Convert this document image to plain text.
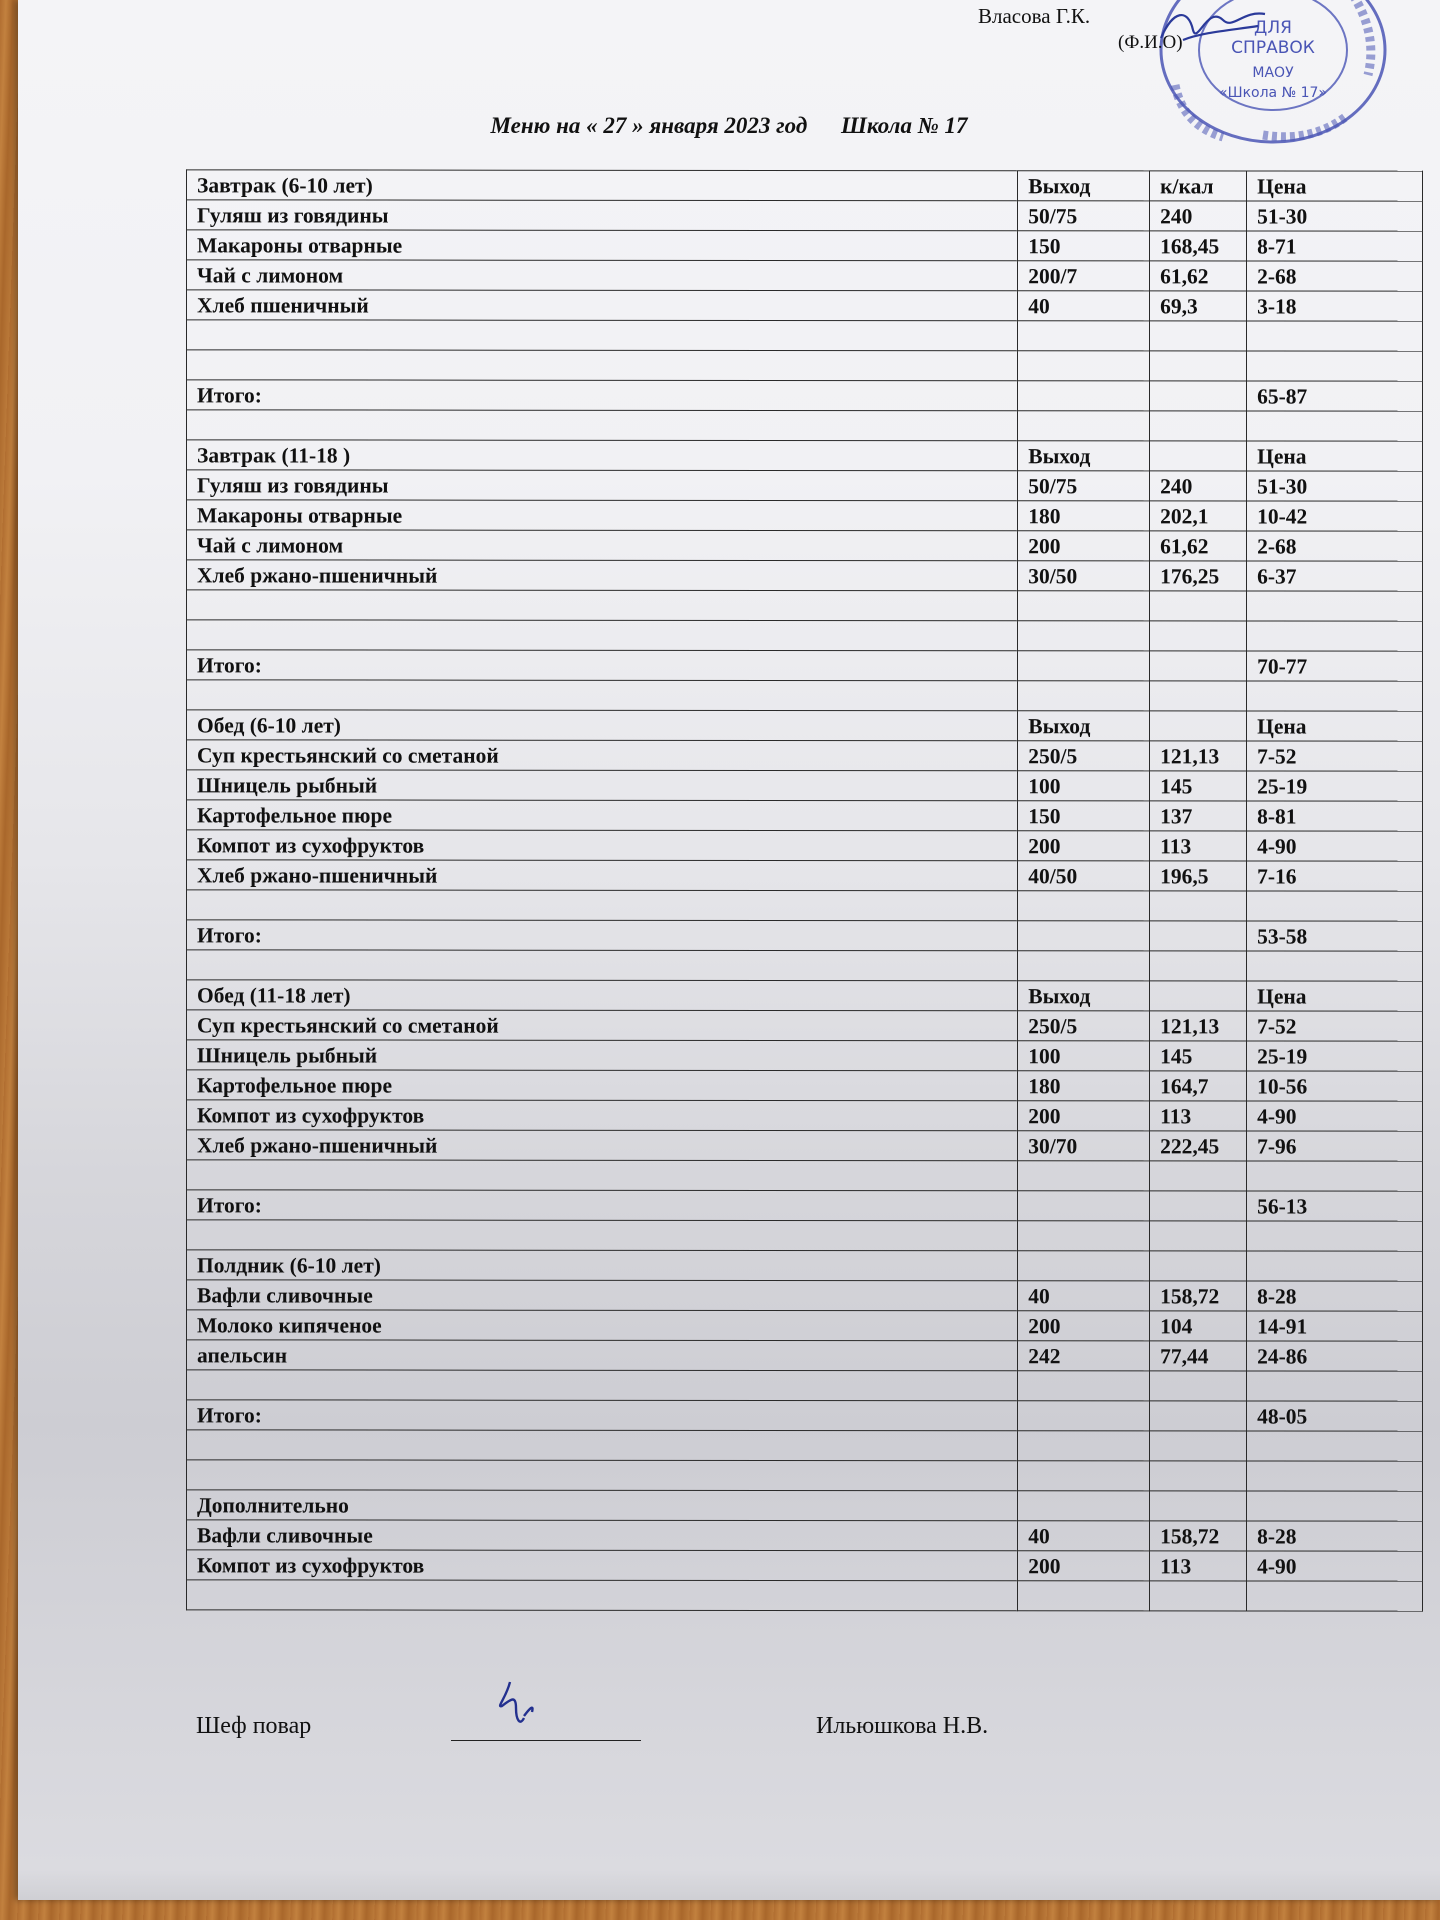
ДЛЯ
СПРАВОК
МАОУ
«Школа № 17»
Власова Г.К.
(Ф.И.О)
Меню на « 27 » января 2023 год Школа № 17
Завтрак (6-10 лет)	Выход	к/кал	Цена
Гуляш из говядины	50/75	240	51-30
Макароны отварные	150	168,45	8-71
Чай с лимоном	200/7	61,62	2-68
Хлеб пшеничный	40	69,3	3-18

Итого:			65-87

Завтрак (11-18 )	Выход		Цена
Гуляш из говядины	50/75	240	51-30
Макароны отварные	180	202,1	10-42
Чай с лимоном	200	61,62	2-68
Хлеб ржано-пшеничный	30/50	176,25	6-37

Итого:			70-77

Обед (6-10 лет)	Выход		Цена
Суп крестьянский со сметаной	250/5	121,13	7-52
Шницель рыбный	100	145	25-19
Картофельное пюре	150	137	8-81
Компот из сухофруктов	200	113	4-90
Хлеб ржано-пшеничный	40/50	196,5	7-16

Итого:			53-58

Обед (11-18 лет)	Выход		Цена
Суп крестьянский со сметаной	250/5	121,13	7-52
Шницель рыбный	100	145	25-19
Картофельное пюре	180	164,7	10-56
Компот из сухофруктов	200	113	4-90
Хлеб ржано-пшеничный	30/70	222,45	7-96

Итого:			56-13

Полдник (6-10 лет)			
Вафли сливочные	40	158,72	8-28
Молоко кипяченое	200	104	14-91
апельсин	242	77,44	24-86

Итого:			48-05

Дополнительно			
Вафли сливочные	40	158,72	8-28
Компот из сухофруктов	200	113	4-90

Шеф повар	Ильюшкова Н.В.
